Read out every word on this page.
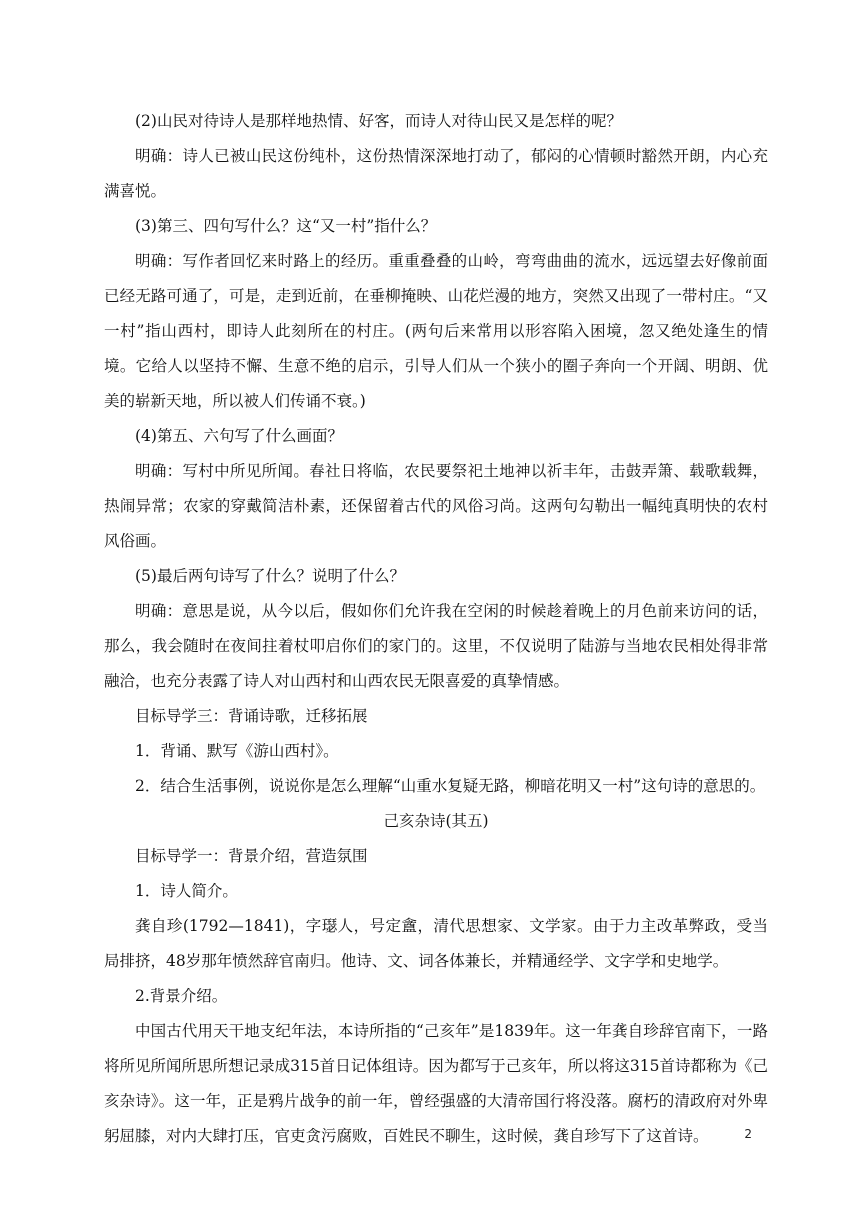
(2)山民对待诗人是那样地热情、好客，而诗人对待山民又是怎样的呢？

明确：诗人已被山民这份纯朴，这份热情深深地打动了，郁闷的心情顿时豁然开朗，内心充满喜悦。

(3)第三、四句写什么？这“又一村”指什么？

明确：写作者回忆来时路上的经历。重重叠叠的山岭，弯弯曲曲的流水，远远望去好像前面已经无路可通了，可是，走到近前，在垂柳掩映、山花烂漫的地方，突然又出现了一带村庄。“又一村”指山西村，即诗人此刻所在的村庄。(两句后来常用以形容陷入困境，忽又绝处逢生的情境。它给人以坚持不懈、生意不绝的启示，引导人们从一个狭小的圈子奔向一个开阔、明朗、优美的崭新天地，所以被人们传诵不衰。)

(4)第五、六句写了什么画面？

明确：写村中所见所闻。春社日将临，农民要祭祀土地神以祈丰年，击鼓弄箫、载歌载舞，热闹异常；农家的穿戴简洁朴素，还保留着古代的风俗习尚。这两句勾勒出一幅纯真明快的农村风俗画。

(5)最后两句诗写了什么？说明了什么？

明确：意思是说，从今以后，假如你们允许我在空闲的时候趁着晚上的月色前来访问的话，那么，我会随时在夜间拄着杖叩启你们的家门的。这里，不仅说明了陆游与当地农民相处得非常融洽，也充分表露了诗人对山西村和山西农民无限喜爱的真挚情感。

目标导学三：背诵诗歌，迁移拓展

1．背诵、默写《游山西村》。

2．结合生活事例，说说你是怎么理解“山重水复疑无路，柳暗花明又一村”这句诗的意思的。

己亥杂诗(其五)

目标导学一：背景介绍，营造氛围

1．诗人简介。

龚自珍(1792—1841)，字璱人，号定盦，清代思想家、文学家。由于力主改革弊政，受当局排挤，48岁那年愤然辞官南归。他诗、文、词各体兼长，并精通经学、文字学和史地学。

2.背景介绍。

中国古代用天干地支纪年法，本诗所指的“己亥年”是1839年。这一年龚自珍辞官南下，一路将所见所闻所思所想记录成315首日记体组诗。因为都写于己亥年，所以将这315首诗都称为《己亥杂诗》。这一年，正是鸦片战争的前一年，曾经强盛的大清帝国行将没落。腐朽的清政府对外卑躬屈膝，对内大肆打压，官吏贪污腐败，百姓民不聊生，这时候，龚自珍写下了这首诗。	2
